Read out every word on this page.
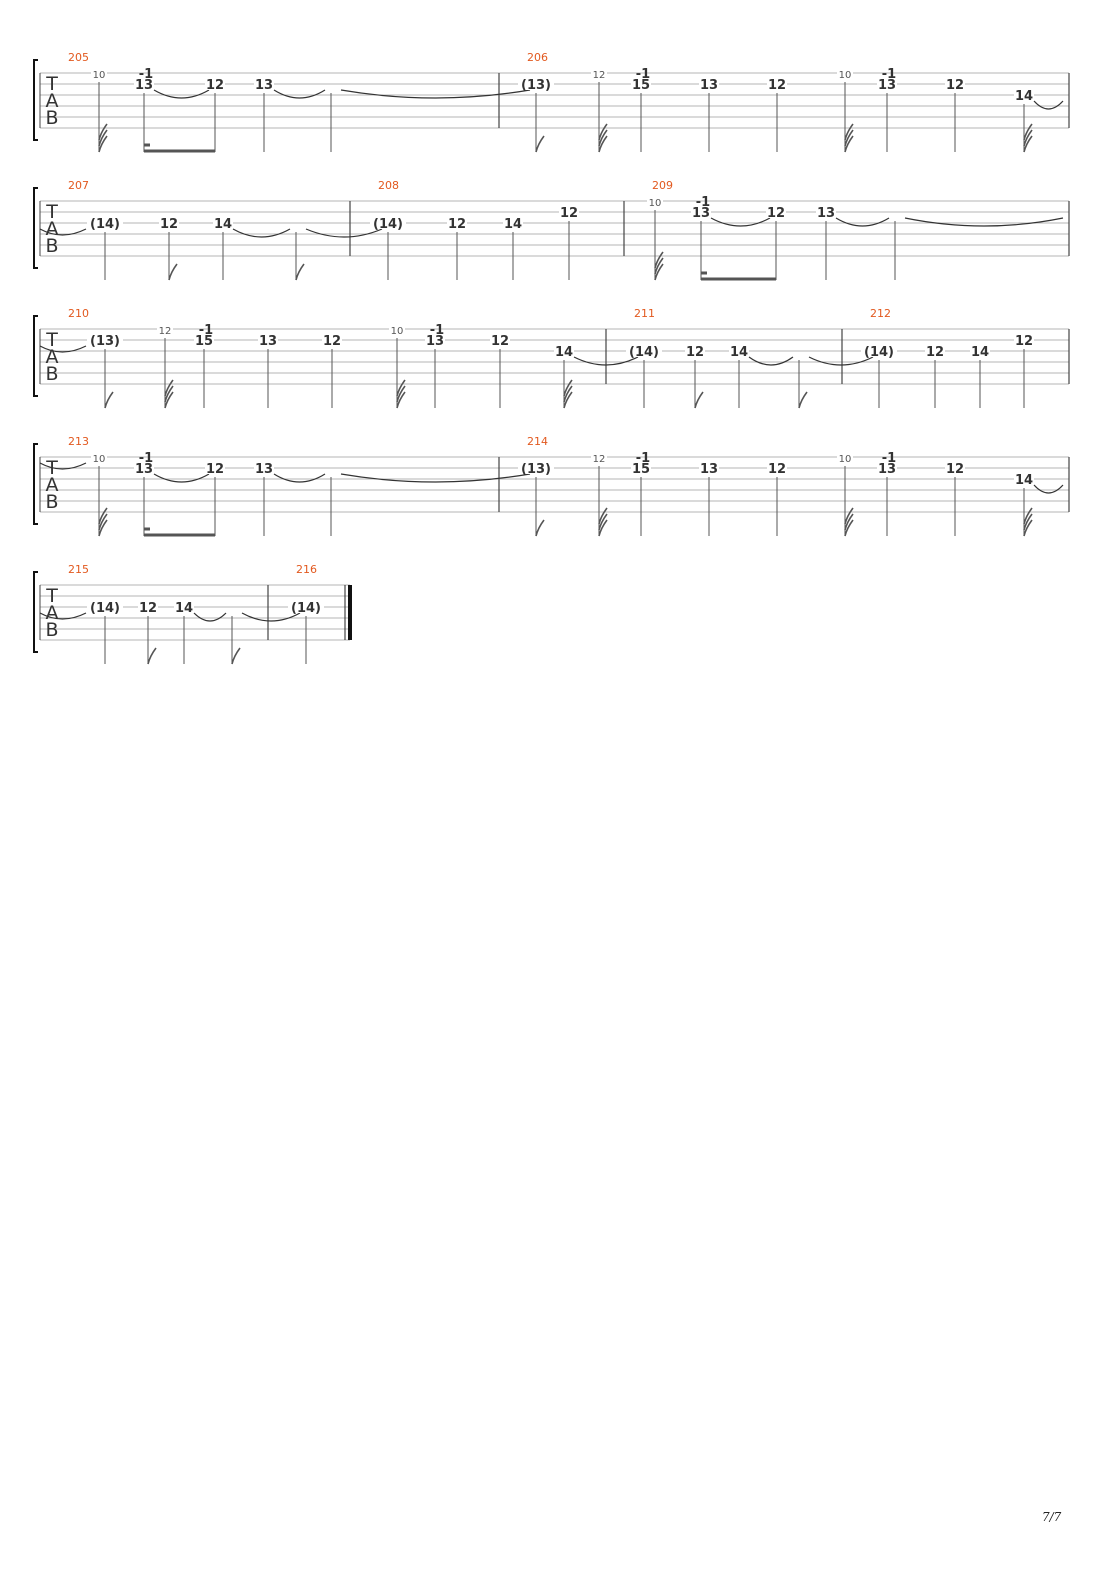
T
A
B
205
10
13
-1
12 13
206
(13)
12
15
-1
13	12
10
13
-1
12
14
T
A
B
207
(14)	12	14
208
(14)	12	14
12
209
10
13
-1
12 13
T
A
B
210
(13)
12
15
-1
13	12
10
13
-1
12
14
211
(14) 12 14
212
(14) 12 14
12
T
A
B
213
10
13
-1
12 13
214
(13)
12
15
-1
13	12
10
13
-1
12
14
T
A
B
215
(14) 12 14
216
(14)
7/7
